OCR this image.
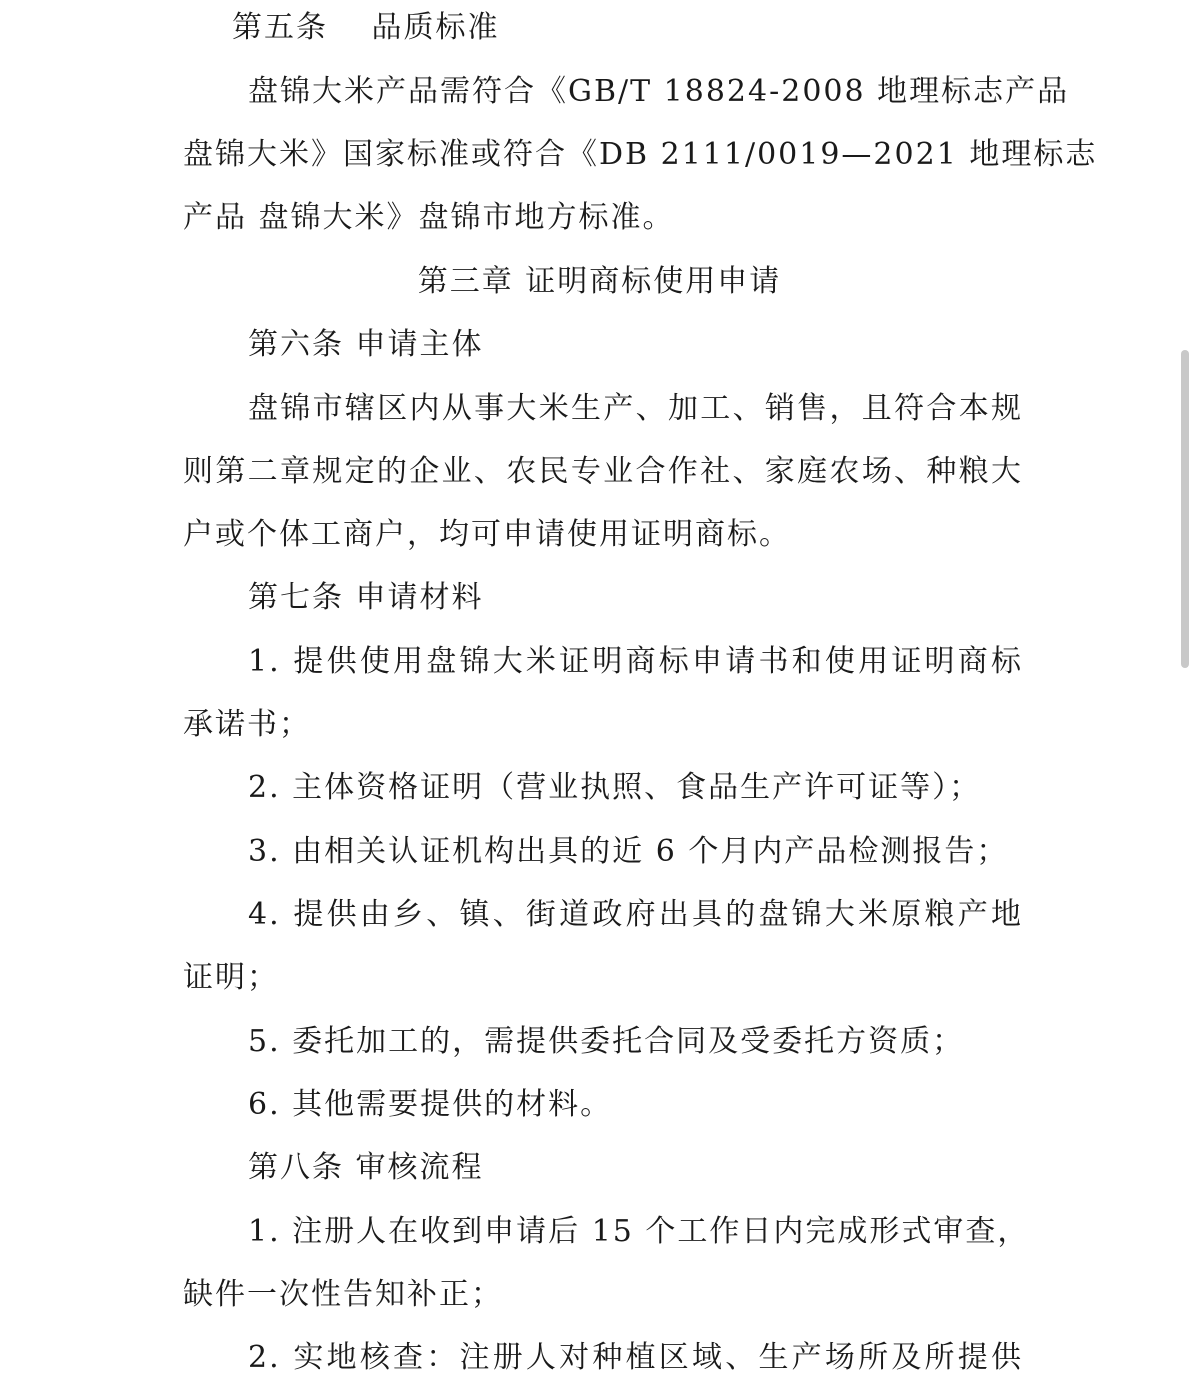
第五条　 品质标准
盘锦大米产品需符合《GB/T 18824-2008 地理标志产品
盘锦大米》国家标准或符合《DB 2111/0019—2021 地理标志
产品 盘锦大米》盘锦市地方标准。
第三章 证明商标使用申请
第六条 申请主体
盘锦市辖区内从事大米生产、加工、销售，且符合本规
则第二章规定的企业、农民专业合作社、家庭农场、种粮大
户或个体工商户，均可申请使用证明商标。
第七条 申请材料
1. 提供使用盘锦大米证明商标申请书和使用证明商标
承诺书；
2. 主体资格证明（营业执照、食品生产许可证等）；
3. 由相关认证机构出具的近 6 个月内产品检测报告；
4. 提供由乡、镇、街道政府出具的盘锦大米原粮产地
证明；
5. 委托加工的，需提供委托合同及受委托方资质；
6. 其他需要提供的材料。
第八条 审核流程
1. 注册人在收到申请后 15 个工作日内完成形式审查，
缺件一次性告知补正；
2. 实地核查：注册人对种植区域、生产场所及所提供
